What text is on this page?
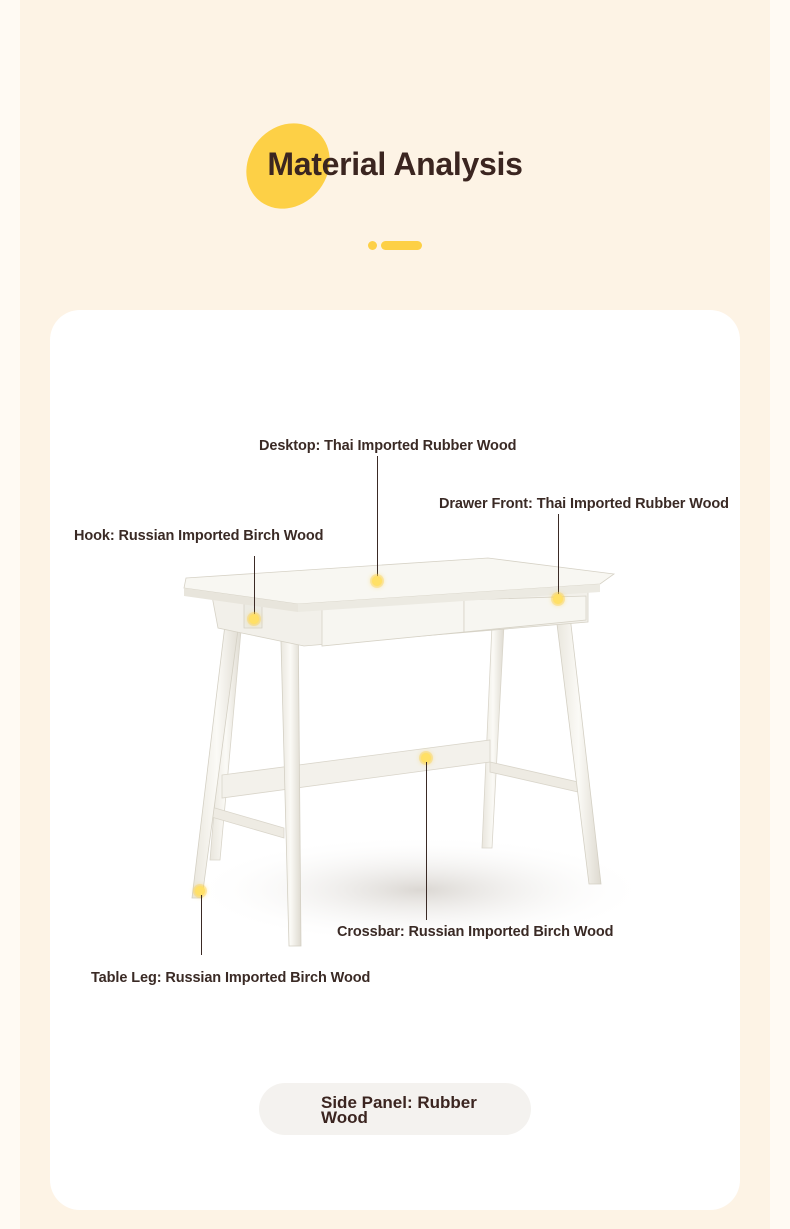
Material Analysis
Desktop: Thai Imported Rubber Wood
Drawer Front: Thai Imported Rubber Wood
Hook: Russian Imported Birch Wood
Crossbar: Russian Imported Birch Wood
Table Leg: Russian Imported Birch Wood
Side Panel: Rubber Wood
